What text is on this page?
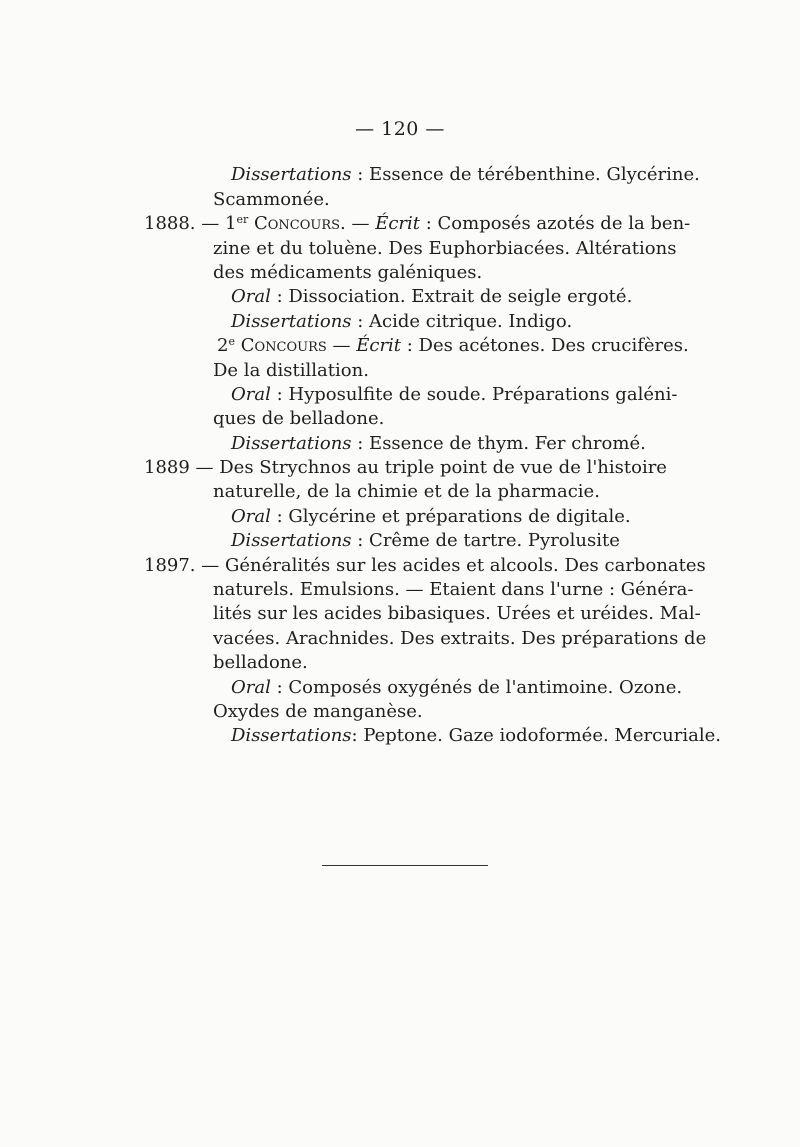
— 120 —
Dissertations : Essence de térébenthine. Glycérine.
Scammonée.
1888. — 1er Concours. — Écrit : Composés azotés de la ben-
zine et du toluène. Des Euphorbiacées. Altérations
des médicaments galéniques.
Oral : Dissociation. Extrait de seigle ergoté.
Dissertations : Acide citrique. Indigo.
2e Concours — Écrit : Des acétones. Des crucifères.
De la distillation.
Oral : Hyposulfite de soude. Préparations galéni-
ques de belladone.
Dissertations : Essence de thym. Fer chromé.
1889 — Des Strychnos au triple point de vue de l'histoire
naturelle, de la chimie et de la pharmacie.
Oral : Glycérine et préparations de digitale.
Dissertations : Crême de tartre. Pyrolusite
1897. — Généralités sur les acides et alcools. Des carbonates
naturels. Emulsions. — Etaient dans l'urne : Généra-
lités sur les acides bibasiques. Urées et uréides. Mal-
vacées. Arachnides. Des extraits. Des préparations de
belladone.
Oral : Composés oxygénés de l'antimoine. Ozone.
Oxydes de manganèse.
Dissertations: Peptone. Gaze iodoformée. Mercuriale.
